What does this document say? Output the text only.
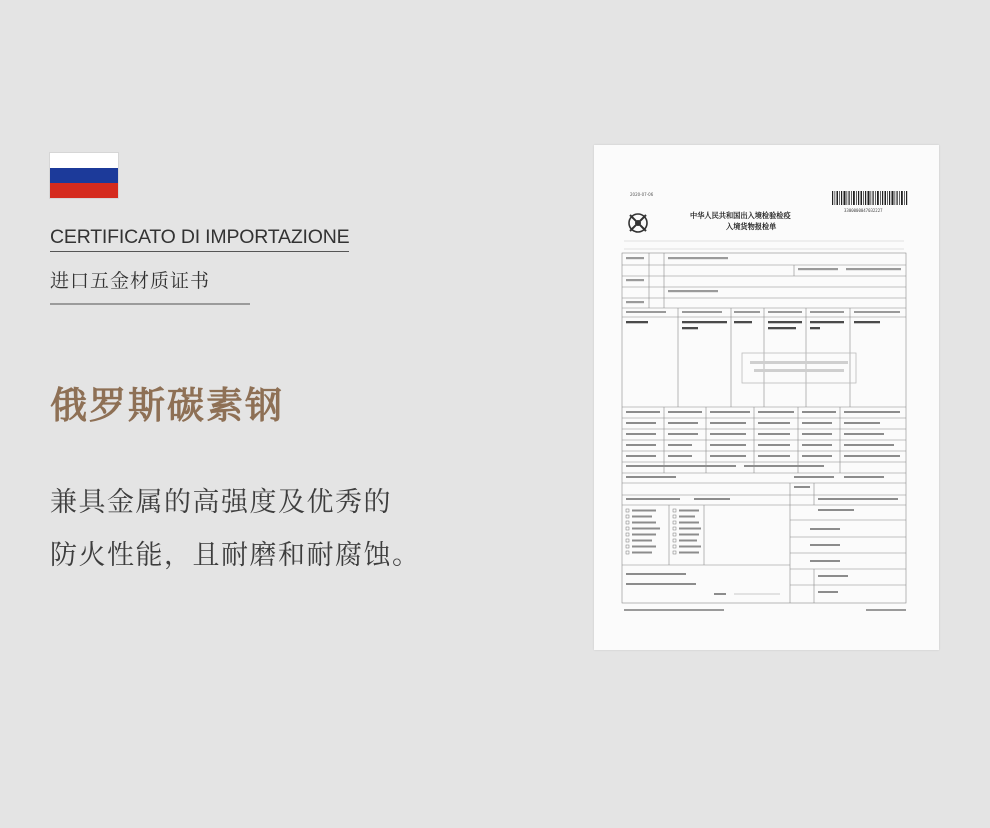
CERTIFICATO DI IMPORTAZIONE
进口五金材质证书
俄罗斯碳素钢
兼具金属的高强度及优秀的
防火性能，且耐磨和耐腐蚀。
2020-07-06
中华人民共和国出入境检验检疫
入境货物报检单
3300000047032227
